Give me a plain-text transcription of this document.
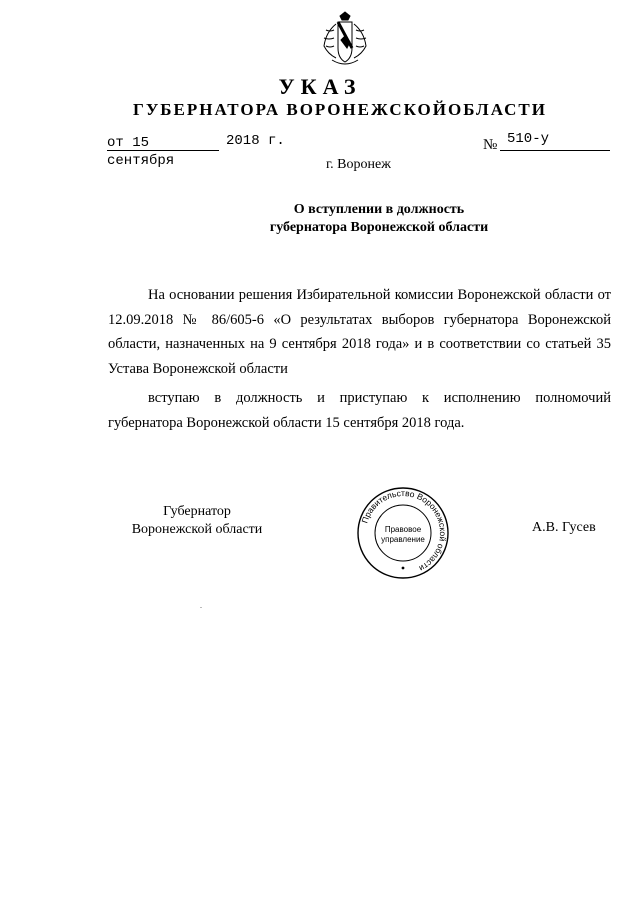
УКАЗ
ГУБЕРНАТОРА ВОРОНЕЖСКОЙОБЛАСТИ
от 15 сентября
2018 г.	№ 510-у
г. Воронеж
О вступлении в должность
губернатора Воронежской области
На основании решения Избирательной комиссии Воронежской области от 12.09.2018 № 86/605-6 «О результатах выборов губернатора Воронежской области, назначенных на 9 сентября 2018 года» и в соответствии со статьей 35 Устава Воронежской области
вступаю в должность и приступаю к исполнению полномочий губернатора Воронежской области 15 сентября 2018 года.
Губернатор
Воронежской области
Правительство Воронежской области
Правовое
управление
А.В. Гусев
